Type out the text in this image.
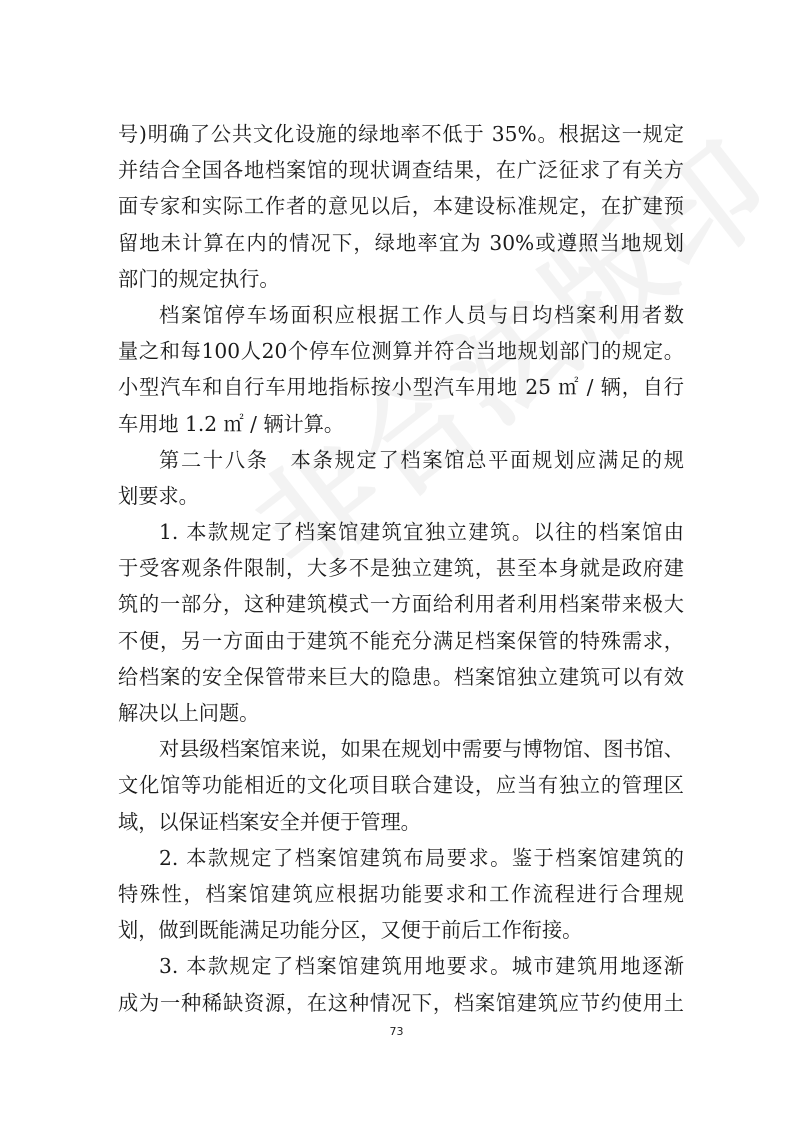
号)明确了公共文化设施的绿地率不低于 35%。根据这一规定
并结合全国各地档案馆的现状调查结果，在广泛征求了有关方
面专家和实际工作者的意见以后，本建设标准规定，在扩建预
留地未计算在内的情况下，绿地率宜为 30%或遵照当地规划
部门的规定执行。
档案馆停车场面积应根据工作人员与日均档案利用者数
量之和每100人20个停车位测算并符合当地规划部门的规定。
小型汽车和自行车用地指标按小型汽车用地 25 ㎡ / 辆，自行
车用地 1.2 ㎡ / 辆计算。
第二十八条　本条规定了档案馆总平面规划应满足的规
划要求。
1. 本款规定了档案馆建筑宜独立建筑。以往的档案馆由
于受客观条件限制，大多不是独立建筑，甚至本身就是政府建
筑的一部分，这种建筑模式一方面给利用者利用档案带来极大
不便，另一方面由于建筑不能充分满足档案保管的特殊需求，
给档案的安全保管带来巨大的隐患。档案馆独立建筑可以有效
解决以上问题。
对县级档案馆来说，如果在规划中需要与博物馆、图书馆、
文化馆等功能相近的文化项目联合建设，应当有独立的管理区
域，以保证档案安全并便于管理。
2. 本款规定了档案馆建筑布局要求。鉴于档案馆建筑的
特殊性，档案馆建筑应根据功能要求和工作流程进行合理规
划，做到既能满足功能分区，又便于前后工作衔接。
3. 本款规定了档案馆建筑用地要求。城市建筑用地逐渐
成为一种稀缺资源，在这种情况下，档案馆建筑应节约使用土
73
